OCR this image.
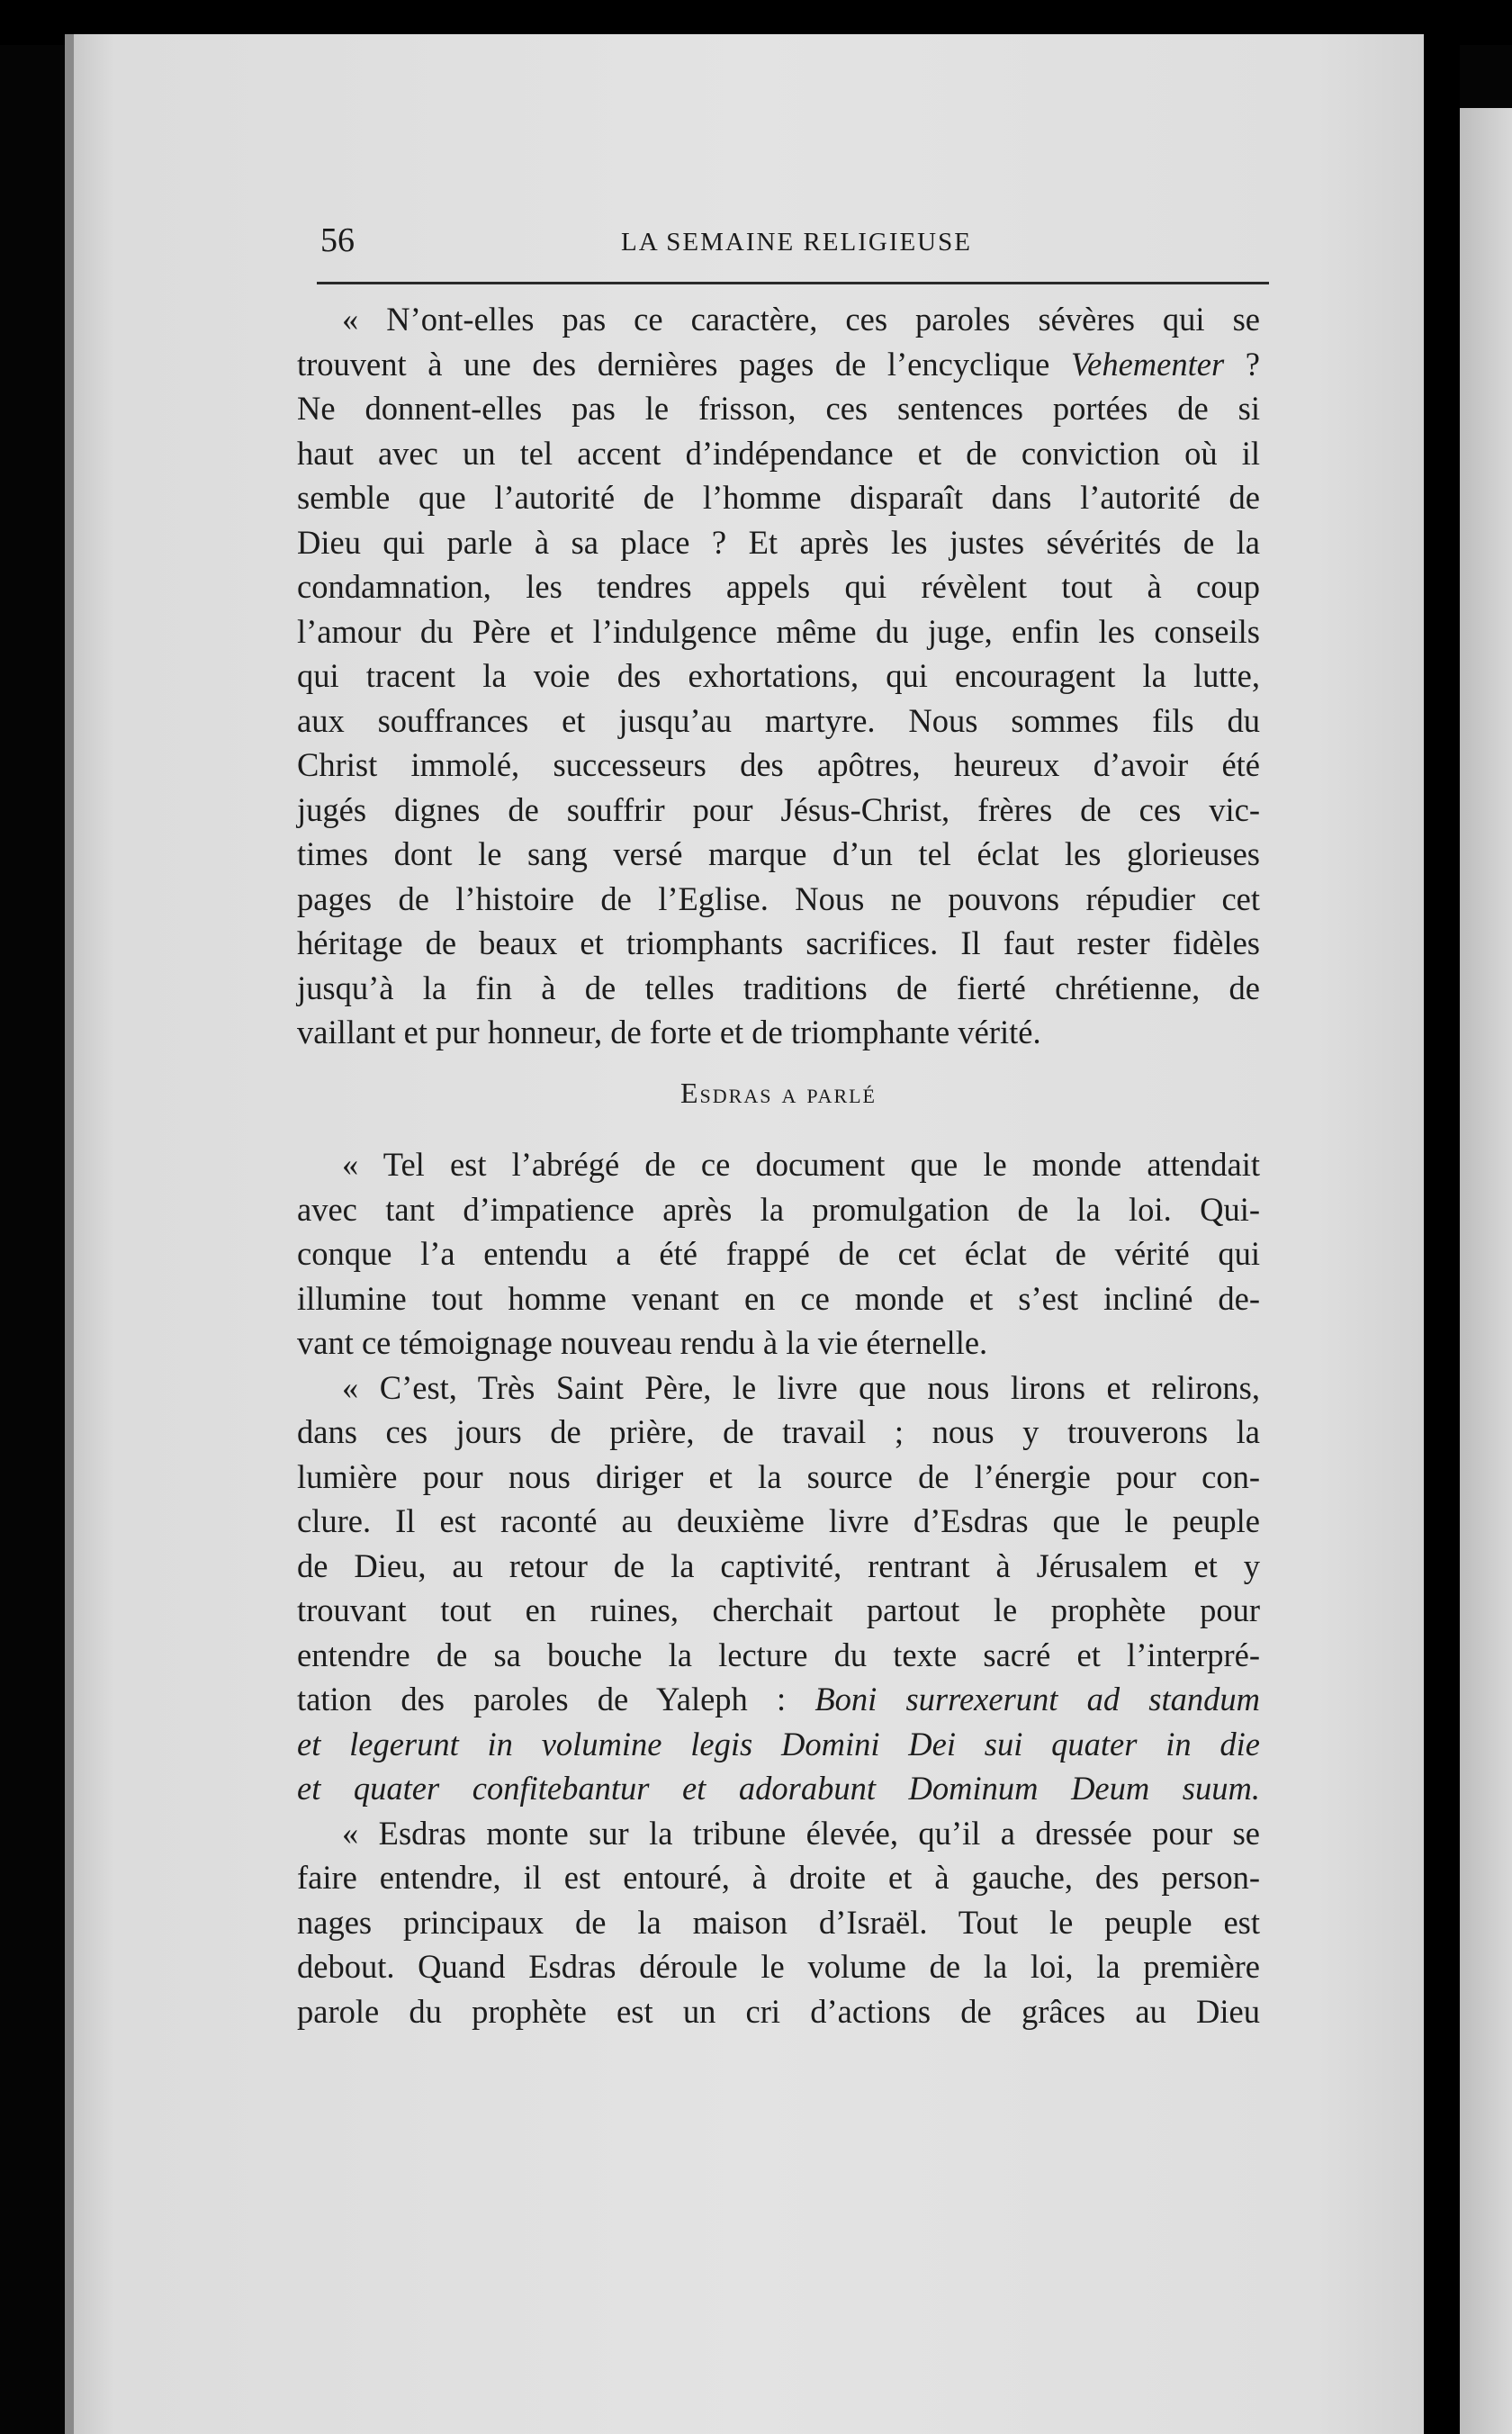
56	LA SEMAINE RELIGIEUSE
« N’ont-elles pas ce caractère, ces paroles sévères qui se
trouvent à une des dernières pages de l’encyclique Vehementer ?
Ne donnent-elles pas le frisson, ces sentences portées de si
haut avec un tel accent d’indépendance et de conviction où il
semble que l’autorité de l’homme disparaît dans l’autorité de
Dieu qui parle à sa place ? Et après les justes sévérités de la
condamnation, les tendres appels qui révèlent tout à coup
l’amour du Père et l’indulgence même du juge, enfin les conseils
qui tracent la voie des exhortations, qui encouragent la lutte,
aux souffrances et jusqu’au martyre. Nous sommes fils du
Christ immolé, successeurs des apôtres, heureux d’avoir été
jugés dignes de souffrir pour Jésus-Christ, frères de ces vic-
times dont le sang versé marque d’un tel éclat les glorieuses
pages de l’histoire de l’Eglise. Nous ne pouvons répudier cet
héritage de beaux et triomphants sacrifices. Il faut rester fidèles
jusqu’à la fin à de telles traditions de fierté chrétienne, de
vaillant et pur honneur, de forte et de triomphante vérité.
Esdras a parlé
« Tel est l’abrégé de ce document que le monde attendait
avec tant d’impatience après la promulgation de la loi. Qui-
conque l’a entendu a été frappé de cet éclat de vérité qui
illumine tout homme venant en ce monde et s’est incliné de-
vant ce témoignage nouveau rendu à la vie éternelle.
« C’est, Très Saint Père, le livre que nous lirons et relirons,
dans ces jours de prière, de travail ; nous y trouverons la
lumière pour nous diriger et la source de l’énergie pour con-
clure. Il est raconté au deuxième livre d’Esdras que le peuple
de Dieu, au retour de la captivité, rentrant à Jérusalem et y
trouvant tout en ruines, cherchait partout le prophète pour
entendre de sa bouche la lecture du texte sacré et l’interpré-
tation des paroles de Yaleph : Boni surrexerunt ad standum
et legerunt in volumine legis Domini Dei sui quater in die
et quater confitebantur et adorabunt Dominum Deum suum.
« Esdras monte sur la tribune élevée, qu’il a dressée pour se
faire entendre, il est entouré, à droite et à gauche, des person-
nages principaux de la maison d’Israël. Tout le peuple est
debout. Quand Esdras déroule le volume de la loi, la première
parole du prophète est un cri d’actions de grâces au Dieu
